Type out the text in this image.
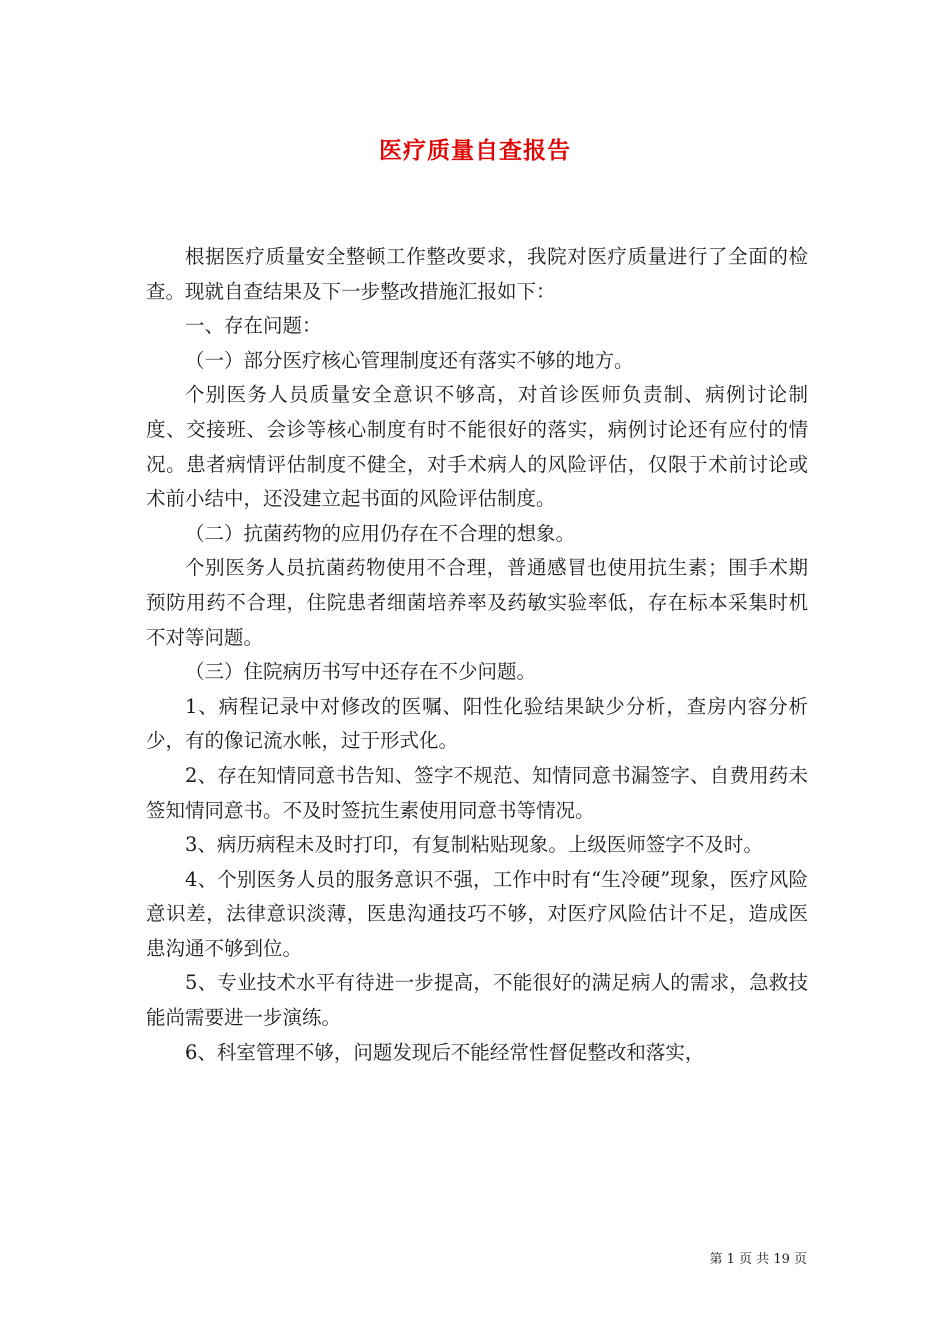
医疗质量自查报告

根据医疗质量安全整顿工作整改要求，我院对医疗质量进行了全面的检查。现就自查结果及下一步整改措施汇报如下：

一、存在问题：

（一）部分医疗核心管理制度还有落实不够的地方。

个别医务人员质量安全意识不够高，对首诊医师负责制、病例讨论制度、交接班、会诊等核心制度有时不能很好的落实，病例讨论还有应付的情况。患者病情评估制度不健全，对手术病人的风险评估，仅限于术前讨论或术前小结中，还没建立起书面的风险评估制度。

（二）抗菌药物的应用仍存在不合理的想象。

个别医务人员抗菌药物使用不合理，普通感冒也使用抗生素；围手术期预防用药不合理，住院患者细菌培养率及药敏实验率低，存在标本采集时机不对等问题。

（三）住院病历书写中还存在不少问题。

1、病程记录中对修改的医嘱、阳性化验结果缺少分析，查房内容分析少，有的像记流水帐，过于形式化。

2、存在知情同意书告知、签字不规范、知情同意书漏签字、自费用药未签知情同意书。不及时签抗生素使用同意书等情况。

3、病历病程未及时打印，有复制粘贴现象。上级医师签字不及时。

4、个别医务人员的服务意识不强，工作中时有“生冷硬”现象，医疗风险意识差，法律意识淡薄，医患沟通技巧不够，对医疗风险估计不足，造成医患沟通不够到位。

5、专业技术水平有待进一步提高，不能很好的满足病人的需求，急救技能尚需要进一步演练。

6、科室管理不够，问题发现后不能经常性督促整改和落实，

第 1 页 共 19 页
